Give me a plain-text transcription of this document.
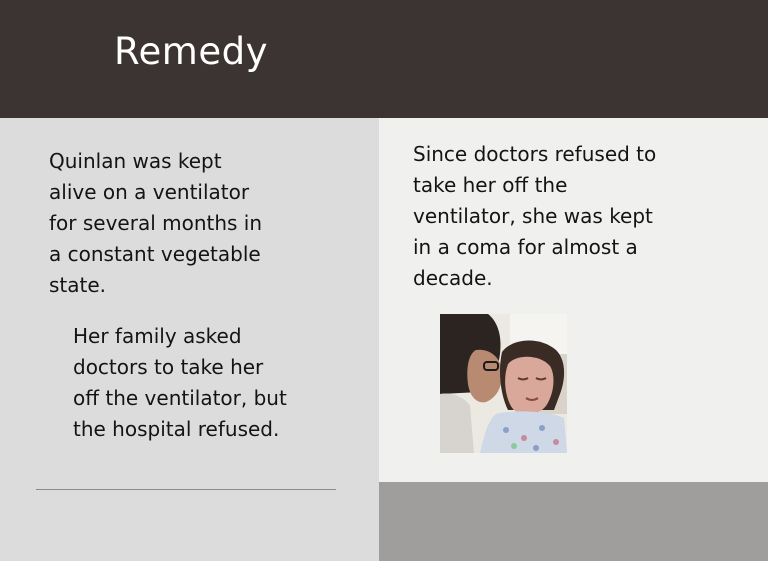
Remedy

Quinlan was kept
alive on a ventilator
for several months in
a constant vegetable
state.

Her family asked
doctors to take her
off the ventilator, but
the hospital refused.

Since doctors refused to
take her off the
ventilator, she was kept
in a coma for almost a
decade.
